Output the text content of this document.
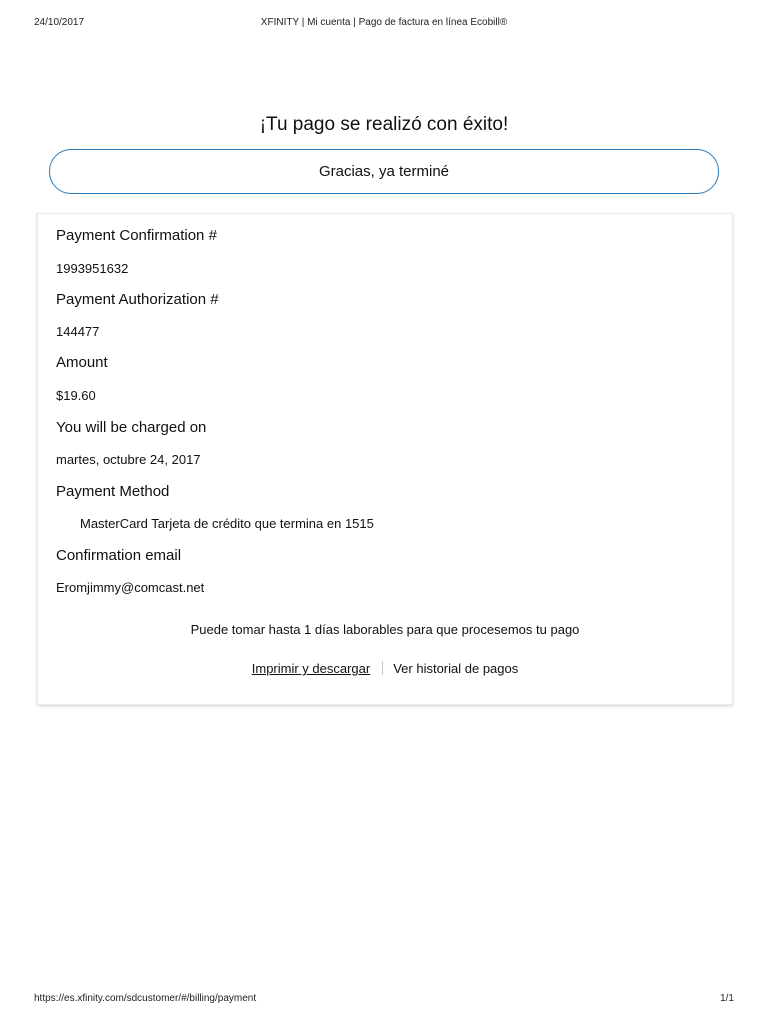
24/10/2017	XFINITY | Mi cuenta | Pago de factura en línea Ecobill®
¡Tu pago se realizó con éxito!
Gracias, ya terminé
Payment Confirmation #
1993951632
Payment Authorization #
144477
Amount
$19.60
You will be charged on
martes, octubre 24, 2017
Payment Method
MasterCard Tarjeta de crédito que termina en 1515
Confirmation email
Eromjimmy@comcast.net
Puede tomar hasta 1 días laborables para que procesemos tu pago
Imprimir y descargar Ver historial de pagos
https://es.xfinity.com/sdcustomer/#/billing/payment	1/1
